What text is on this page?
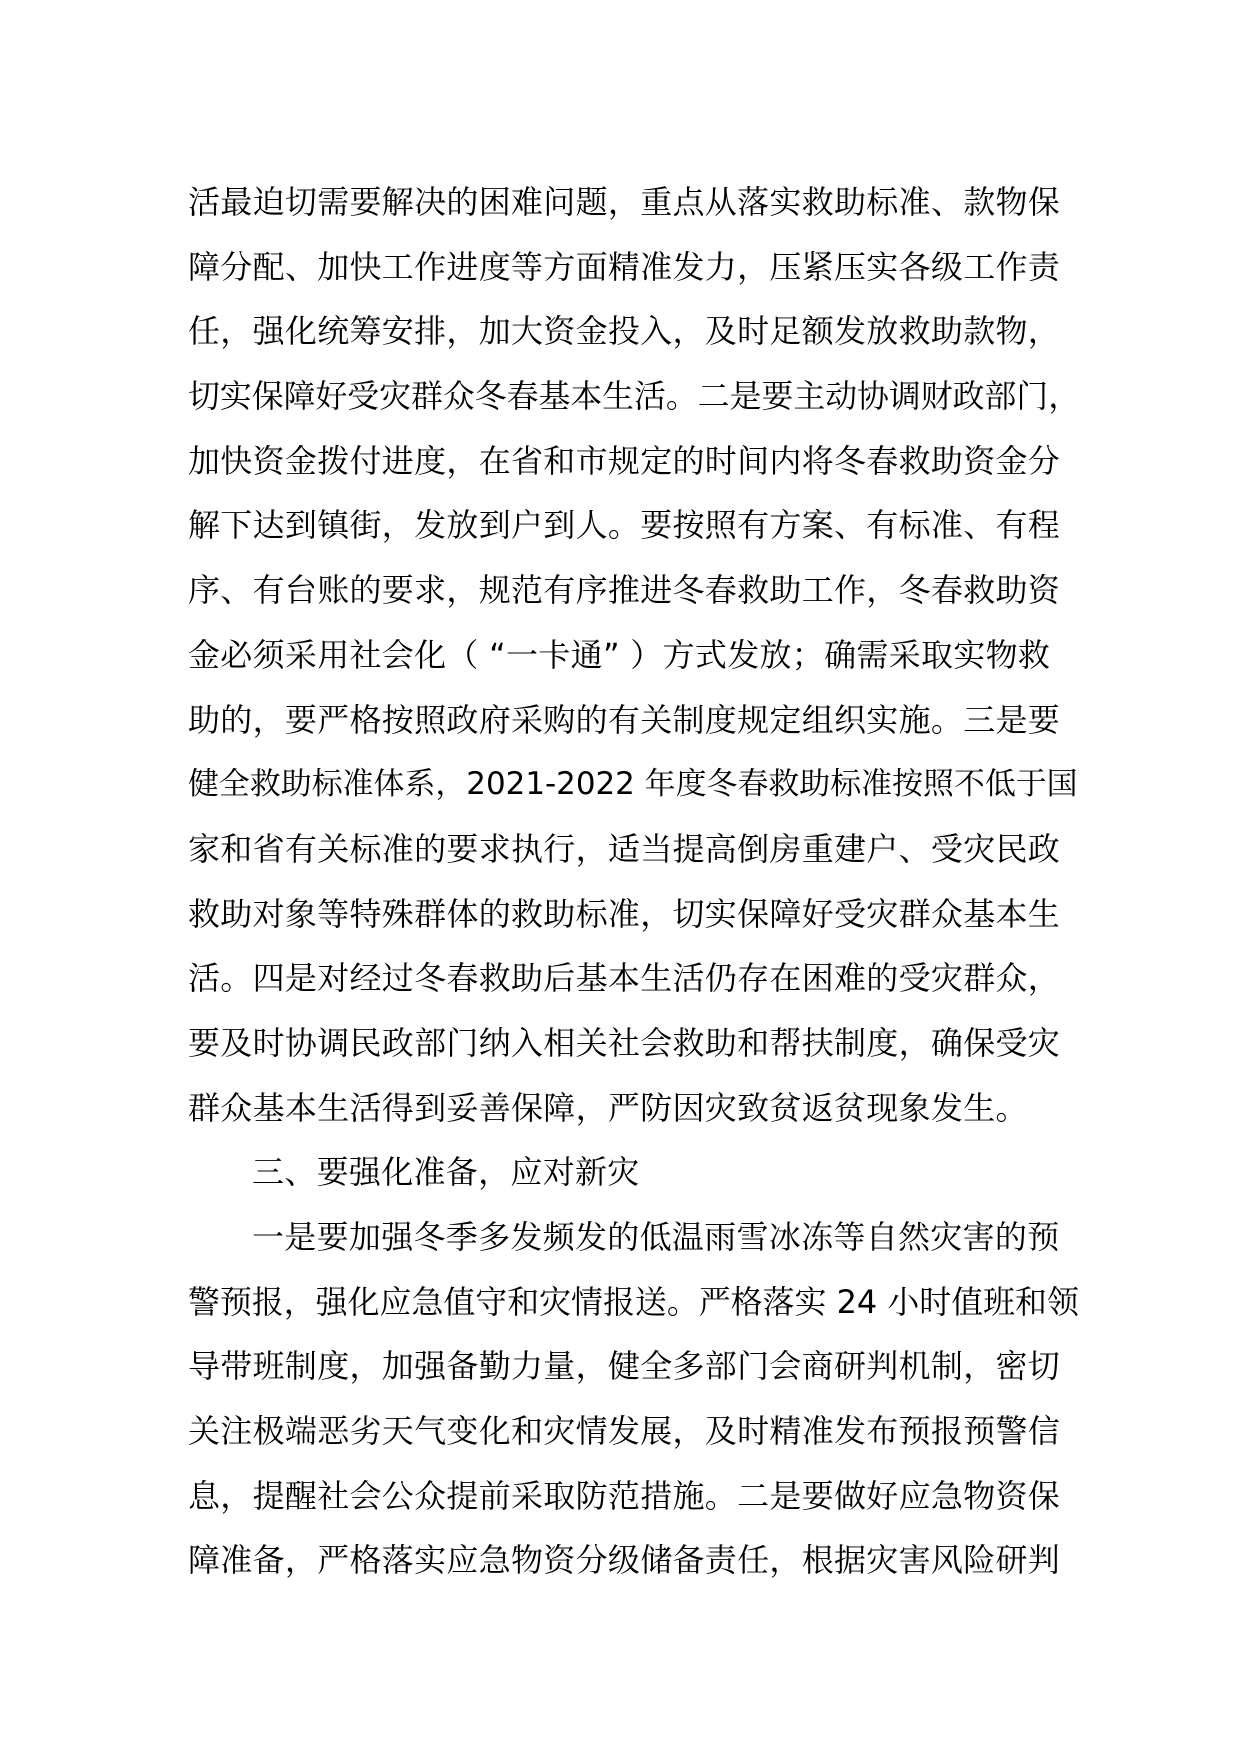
活最迫切需要解决的困难问题，重点从落实救助标准、款物保
障分配、加快工作进度等方面精准发力，压紧压实各级工作责
任，强化统筹安排，加大资金投入，及时足额发放救助款物，
切实保障好受灾群众冬春基本生活。二是要主动协调财政部门，
加快资金拨付进度，在省和市规定的时间内将冬春救助资金分
解下达到镇街，发放到户到人。要按照有方案、有标准、有程
序、有台账的要求，规范有序推进冬春救助工作，冬春救助资
金必须采用社会化（ “一卡通” ）方式发放；确需采取实物救
助的，要严格按照政府采购的有关制度规定组织实施。三是要
健全救助标准体系，2021-2022 年度冬春救助标准按照不低于国
家和省有关标准的要求执行，适当提高倒房重建户、受灾民政
救助对象等特殊群体的救助标准，切实保障好受灾群众基本生
活。四是对经过冬春救助后基本生活仍存在困难的受灾群众，
要及时协调民政部门纳入相关社会救助和帮扶制度，确保受灾
群众基本生活得到妥善保障，严防因灾致贫返贫现象发生。
三、要强化准备，应对新灾
一是要加强冬季多发频发的低温雨雪冰冻等自然灾害的预
警预报，强化应急值守和灾情报送。严格落实 24 小时值班和领
导带班制度，加强备勤力量，健全多部门会商研判机制，密切
关注极端恶劣天气变化和灾情发展，及时精准发布预报预警信
息，提醒社会公众提前采取防范措施。二是要做好应急物资保
障准备，严格落实应急物资分级储备责任，根据灾害风险研判
